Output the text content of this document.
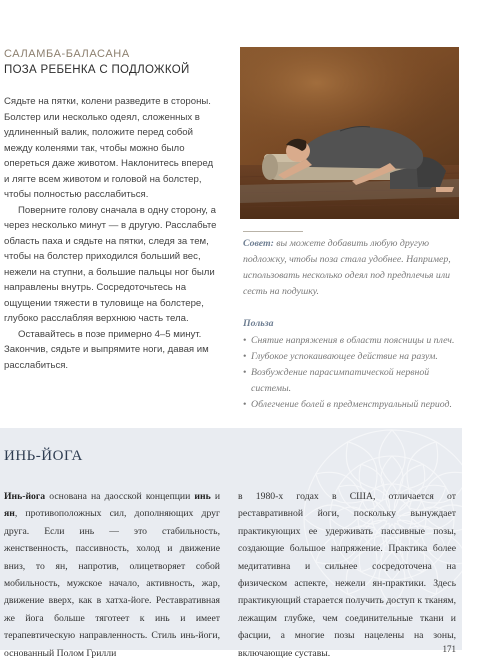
САЛАМБА-БАЛАСАНА
ПОЗА РЕБЕНКА С ПОДЛОЖКОЙ

Сядьте на пятки, колени разведите в стороны. Болстер или несколько одеял, сложенных в удлиненный валик, положите перед собой между коленями так, чтобы можно было опереться даже животом. Наклонитесь вперед и лягте всем животом и головой на болстер, чтобы полностью расслабиться.

Поверните голову сначала в одну сторону, а через несколько минут — в другую. Расслабьте область паха и сядьте на пятки, следя за тем, чтобы на болстер приходился больший вес, нежели на ступни, а большие пальцы ног были направлены внутрь. Сосредоточьтесь на ощущении тяжести в туловище на болстере, глубоко расслабляя верхнюю часть тела.

Оставайтесь в позе примерно 4–5 минут. Закончив, сядьте и выпрямите ноги, давая им расслабиться.

Совет: вы можете добавить любую другую подложку, чтобы поза стала удобнее. Например, использовать несколько одеял под предплечья или сесть на подушку.
Польза
• Снятие напряжения в области поясницы и плеч.
• Глубокое успокаивающее действие на разум.
• Возбуждение парасимпатической нервной системы.
• Облегчение болей в предменструальный период.
ИНЬ-ЙОГА
Инь-йога основана на даосской концепции инь и ян, противоположных сил, дополняющих друг друга. Если инь — это стабильность, женственность, пассивность, холод и движение вниз, то ян, напротив, олицетворяет собой мобильность, мужское начало, активность, жар, движение вверх, как в хатха-йоге. Реставративная же йога больше тяготеет к инь и имеет терапевтическую направленность. Стиль инь-йоги, основанный Полом Грилли
в 1980-х годах в США, отличается от реставративной йоги, поскольку вынуждает практикующих ее удерживать пассивные позы, создающие большое напряжение. Практика более медитативна и сильнее сосредоточена на физическом аспекте, нежели ян-практики. Здесь практикующий старается получить доступ к тканям, лежащим глубже, чем соединительные ткани и фасции, а многие позы нацелены на зоны, включающие суставы.	171
